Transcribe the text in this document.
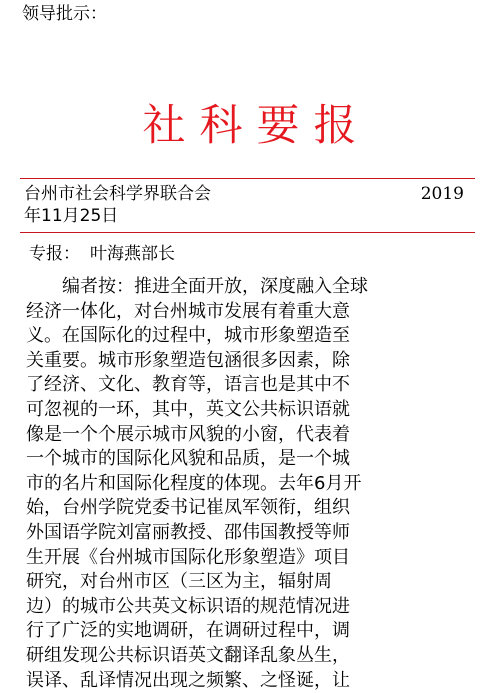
领导批示：
社科要报
台州市社会科学界联合会	2019
年11月25日
专报： 叶海燕部长
编者按：推进全面开放，深度融入全球
经济一体化，对台州城市发展有着重大意
义。在国际化的过程中，城市形象塑造至
关重要。城市形象塑造包涵很多因素，除
了经济、文化、教育等，语言也是其中不
可忽视的一环，其中，英文公共标识语就
像是一个个展示城市风貌的小窗，代表着
一个城市的国际化风貌和品质，是一个城
市的名片和国际化程度的体现。去年6月开
始，台州学院党委书记崔凤军领衔，组织
外国语学院刘富丽教授、邵伟国教授等师
生开展《台州城市国际化形象塑造》项目
研究，对台州市区（三区为主，辐射周
边）的城市公共英文标识语的规范情况进
行了广泛的实地调研，在调研过程中，调
研组发现公共标识语英文翻译乱象丛生，
误译、乱译情况出现之频繁、之怪诞，让
